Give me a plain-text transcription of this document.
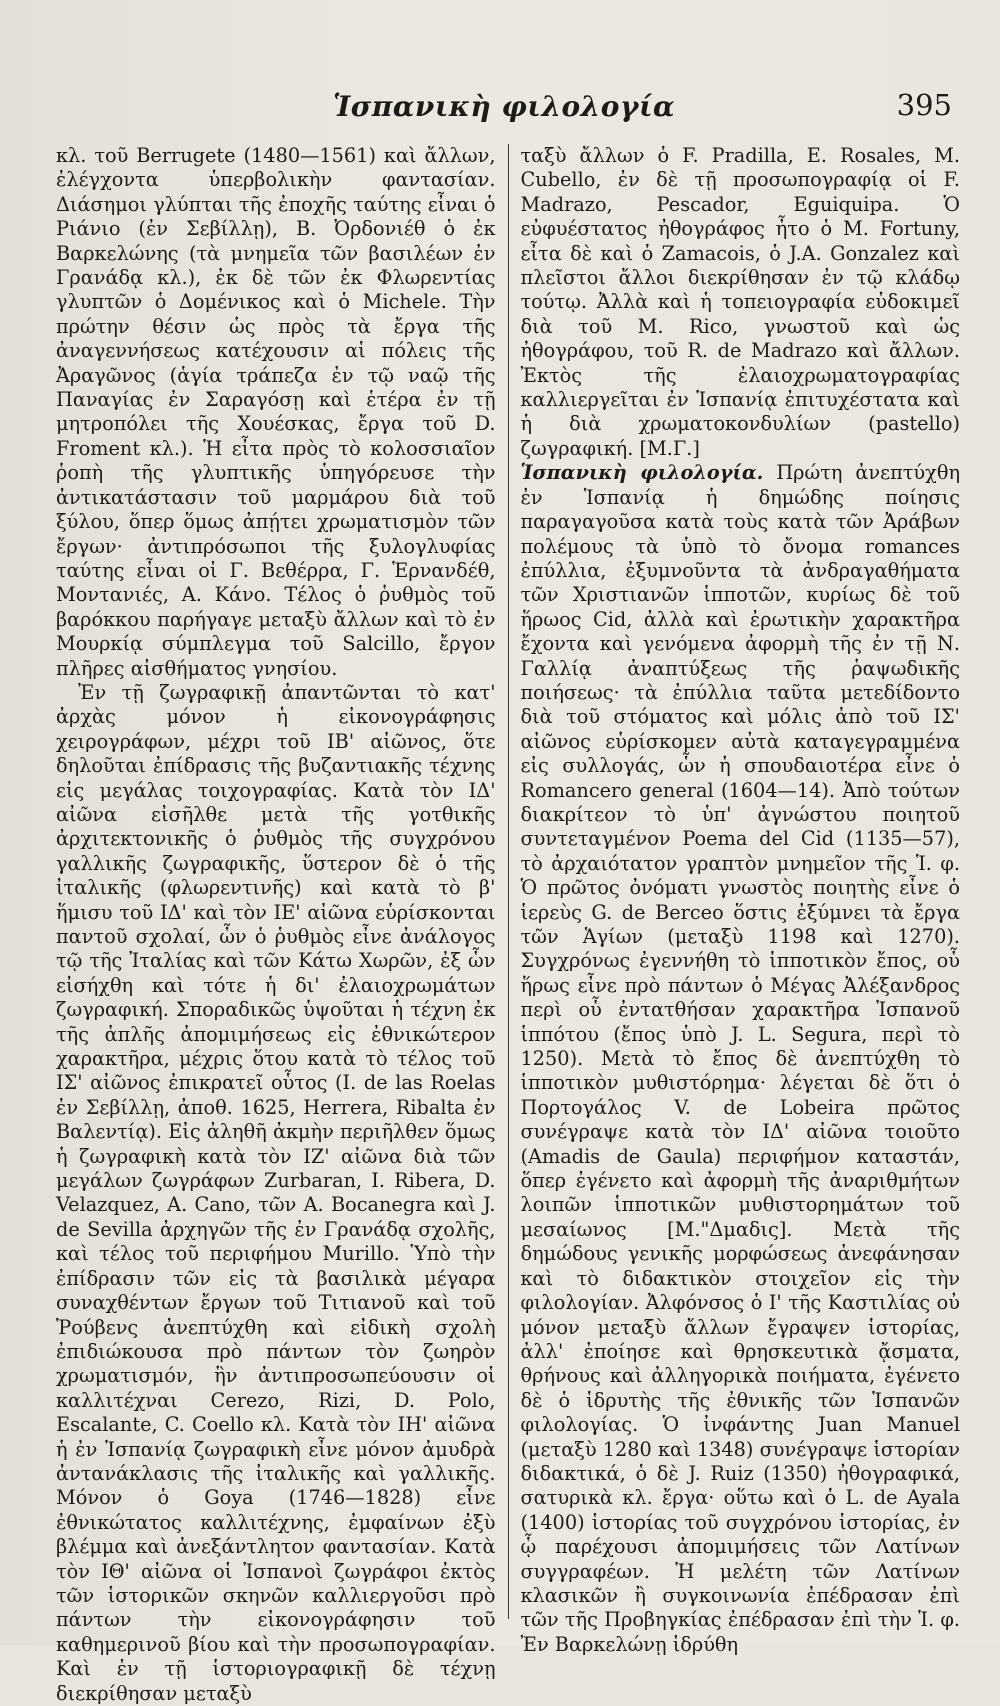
Ἱσπανικὴ φιλολογία	395

κλ. τοῦ Berrugete (1480—1561) καὶ ἄλλων, ἐλέγχοντα ὑπερβολικὴν φαντασίαν. Διάσημοι γλύπται τῆς ἐποχῆς ταύτης εἶναι ὁ Ριάνιο (ἐν Σεβίλλῃ), Β. Ὀρδονιέθ ὁ ἐκ Βαρκελώνης (τὰ μνημεῖα τῶν βασιλέων ἐν Γρανάδᾳ κλ.), ἐκ δὲ τῶν ἐκ Φλωρεντίας γλυπτῶν ὁ Δομένικος καὶ ὁ Michele. Τὴν πρώτην θέσιν ὡς πρὸς τὰ ἔργα τῆς ἀναγεννήσεως κατέχουσιν αἱ πόλεις τῆς Ἀραγῶνος (ἁγία τράπεζα ἐν τῷ ναῷ τῆς Παναγίας ἐν Σαραγόσῃ καὶ ἑτέρα ἐν τῇ μητροπόλει τῆς Χουέσκας, ἔργα τοῦ D. Froment κλ.). Ἡ εἶτα πρὸς τὸ κολοσσιαῖον ῥοπὴ τῆς γλυπτικῆς ὑπηγόρευσε τὴν ἀντικατάστασιν τοῦ μαρμάρου διὰ τοῦ ξύλου, ὅπερ ὅμως ἀπῄτει χρωματισμὸν τῶν ἔργων· ἀντιπρόσωποι τῆς ξυλογλυφίας ταύτης εἶναι οἱ Γ. Βεθέρρα, Γ. Ἑρνανδέθ, Μοντανιές, Α. Κάνο. Τέλος ὁ ῥυθμὸς τοῦ βαρόκκου παρήγαγε μεταξὺ ἄλλων καὶ τὸ ἐν Μουρκίᾳ σύμπλεγμα τοῦ Salcillo, ἔργον πλῆρες αἰσθήματος γνησίου.

Ἐν τῇ ζωγραφικῇ ἀπαντῶνται τὸ κατ' ἀρχὰς μόνον ἡ εἰκονογράφησις χειρογράφων, μέχρι τοῦ ΙΒ' αἰῶνος, ὅτε δηλοῦται ἐπίδρασις τῆς βυζαντιακῆς τέχνης εἰς μεγάλας τοιχογραφίας. Κατὰ τὸν ΙΔ' αἰῶνα εἰσῆλθε μετὰ τῆς γοτθικῆς ἀρχιτεκτονικῆς ὁ ῥυθμὸς τῆς συγχρόνου γαλλικῆς ζωγραφικῆς, ὕστερον δὲ ὁ τῆς ἰταλικῆς (φλωρεντινῆς) καὶ κατὰ τὸ β' ἥμισυ τοῦ ΙΔ' καὶ τὸν ΙΕ' αἰῶνα εὑρίσκονται παντοῦ σχολαί, ὧν ὁ ῥυθμὸς εἶνε ἀνάλογος τῷ τῆς Ἰταλίας καὶ τῶν Κάτω Χωρῶν, ἐξ ὧν εἰσήχθη καὶ τότε ἡ δι' ἐλαιοχρωμάτων ζωγραφική. Σποραδικῶς ὑψοῦται ἡ τέχνη ἐκ τῆς ἁπλῆς ἀπομιμήσεως εἰς ἐθνικώτερον χαρακτῆρα, μέχρις ὅτου κατὰ τὸ τέλος τοῦ ΙΣ' αἰῶνος ἐπικρατεῖ οὗτος (I. de las Roelas ἐν Σεβίλλῃ, ἀποθ. 1625, Herrera, Ribalta ἐν Βαλεντίᾳ). Εἰς ἀληθῆ ἀκμὴν περιῆλθεν ὅμως ἡ ζωγραφικὴ κατὰ τὸν ΙΖ' αἰῶνα διὰ τῶν μεγάλων ζωγράφων Zurbaran, I. Ribera, D. Velazquez, A. Cano, τῶν A. Bocanegra καὶ J. de Sevilla ἀρχηγῶν τῆς ἐν Γρανάδᾳ σχολῆς, καὶ τέλος τοῦ περιφήμου Murillo. Ὑπὸ τὴν ἐπίδρασιν τῶν εἰς τὰ βασιλικὰ μέγαρα συναχθέντων ἔργων τοῦ Τιτιανοῦ καὶ τοῦ Ῥούβενς ἀνεπτύχθη καὶ εἰδικὴ σχολὴ ἐπιδιώκουσα πρὸ πάντων τὸν ζωηρὸν χρωματισμόν, ἣν ἀντιπροσωπεύουσιν οἱ καλλιτέχναι Cerezo, Rizi, D. Polo, Escalante, C. Coello κλ. Κατὰ τὸν ΙΗ' αἰῶνα ἡ ἐν Ἱσπανίᾳ ζωγραφικὴ εἶνε μόνον ἀμυδρὰ ἀντανάκλασις τῆς ἰταλικῆς καὶ γαλλικῆς. Μόνον ὁ Goya (1746—1828) εἶνε ἐθνικώτατος καλλιτέχνης, ἐμφαίνων ἐξὺ βλέμμα καὶ ἀνεξάντλητον φαντασίαν. Κατὰ τὸν ΙΘ' αἰῶνα οἱ Ἱσπανοὶ ζωγράφοι ἐκτὸς τῶν ἱστορικῶν σκηνῶν καλλιεργοῦσι πρὸ πάντων τὴν εἰκονογράφησιν τοῦ καθημερινοῦ βίου καὶ τὴν προσωπογραφίαν. Καὶ ἐν τῇ ἱστοριογραφικῇ δὲ τέχνῃ διεκρίθησαν μεταξὺ

ταξὺ ἄλλων ὁ F. Pradilla, E. Rosales, M. Cubello, ἐν δὲ τῇ προσωπογραφίᾳ οἱ F. Madrazo, Pescador, Eguiquipa. Ὁ εὐφυέστατος ἠθογράφος ἦτο ὁ M. Fortuny, εἶτα δὲ καὶ ὁ Zamacois, ὁ J.A. Gonzalez καὶ πλεῖστοι ἄλλοι διεκρίθησαν ἐν τῷ κλάδῳ τούτῳ. Ἀλλὰ καὶ ἡ τοπειογραφία εὐδοκιμεῖ διὰ τοῦ M. Rico, γνωστοῦ καὶ ὡς ἠθογράφου, τοῦ R. de Madrazo καὶ ἄλλων. Ἐκτὸς τῆς ἐλαιοχρωματογραφίας καλλιεργεῖται ἐν Ἱσπανίᾳ ἐπιτυχέστατα καὶ ἡ διὰ χρωματοκονδυλίων (pastello) ζωγραφική. [Μ.Γ.]

Ἱσπανικὴ φιλολογία. Πρώτη ἀνεπτύχθη ἐν Ἱσπανίᾳ ἡ δημώδης ποίησις παραγαγοῦσα κατὰ τοὺς κατὰ τῶν Ἀράβων πολέμους τὰ ὑπὸ τὸ ὄνομα romances ἐπύλλια, ἐξυμνοῦντα τὰ ἀνδραγαθήματα τῶν Χριστιανῶν ἱπποτῶν, κυρίως δὲ τοῦ ἥρωος Cid, ἀλλὰ καὶ ἐρωτικὴν χαρακτῆρα ἔχοντα καὶ γενόμενα ἀφορμὴ τῆς ἐν τῇ Ν. Γαλλίᾳ ἀναπτύξεως τῆς ῥαψωδικῆς ποιήσεως· τὰ ἐπύλλια ταῦτα μετεδίδοντο διὰ τοῦ στόματος καὶ μόλις ἀπὸ τοῦ ΙΣ' αἰῶνος εὑρίσκομεν αὐτὰ καταγεγραμμένα εἰς συλλογάς, ὧν ἡ σπουδαιοτέρα εἶνε ὁ Romancero general (1604—14). Ἀπὸ τούτων διακρίτεον τὸ ὑπ' ἀγνώστου ποιητοῦ συντεταγμένον Poema del Cid (1135—57), τὸ ἀρχαιότατον γραπτὸν μνημεῖον τῆς Ἱ. φ. Ὁ πρῶτος ὀνόματι γνωστὸς ποιητὴς εἶνε ὁ ἱερεὺς G. de Berceo ὅστις ἐξύμνει τὰ ἔργα τῶν Ἁγίων (μεταξὺ 1198 καὶ 1270). Συγχρόνως ἐγεννήθη τὸ ἱπποτικὸν ἔπος, οὗ ἥρως εἶνε πρὸ πάντων ὁ Μέγας Ἀλέξανδρος περὶ οὗ ἐντατθήσαν χαρακτῆρα Ἱσπανοῦ ἱππότου (ἔπος ὑπὸ J. L. Segura, περὶ τὸ 1250). Μετὰ τὸ ἔπος δὲ ἀνεπτύχθη τὸ ἱπποτικὸν μυθιστόρημα· λέγεται δὲ ὅτι ὁ Πορτογάλος V. de Lobeira πρῶτος συνέγραψε κατὰ τὸν ΙΔ' αἰῶνα τοιοῦτο (Amadis de Gaula) περιφήμον καταστάν, ὅπερ ἐγένετο καὶ ἀφορμὴ τῆς ἀναριθμήτων λοιπῶν ἱπποτικῶν μυθιστορημάτων τοῦ μεσαίωνος [Μ."Δμαδις]. Μετὰ τῆς δημώδους γενικῆς μορφώσεως ἀνεφάνησαν καὶ τὸ διδακτικὸν στοιχεῖον εἰς τὴν φιλολογίαν. Ἀλφόνσος ὁ Ι' τῆς Καστιλίας οὐ μόνον μεταξὺ ἄλλων ἔγραψεν ἱστορίας, ἀλλ' ἐποίησε καὶ θρησκευτικὰ ᾄσματα, θρήνους καὶ ἀλληγορικὰ ποιήματα, ἐγένετο δὲ ὁ ἱδρυτὴς τῆς ἐθνικῆς τῶν Ἱσπανῶν φιλολογίας. Ὁ ἰνφάντης Juan Manuel (μεταξὺ 1280 καὶ 1348) συνέγραψε ἱστορίαν διδακτικά, ὁ δὲ J. Ruiz (1350) ἠθογραφικά, σατυρικὰ κλ. ἔργα· οὕτω καὶ ὁ L. de Ayala (1400) ἱστορίας τοῦ συγχρόνου ἱστορίας, ἐν ᾧ παρέχουσι ἀπομιμήσεις τῶν Λατίνων συγγραφέων. Ἡ μελέτη τῶν Λατίνων κλασικῶν ἢ συγκοινωνία ἐπέδρασαν ἐπὶ τῶν τῆς Προβηγκίας ἐπέδρασαν ἐπὶ τὴν Ἱ. φ. Ἐν Βαρκελώνῃ ἱδρύθη
